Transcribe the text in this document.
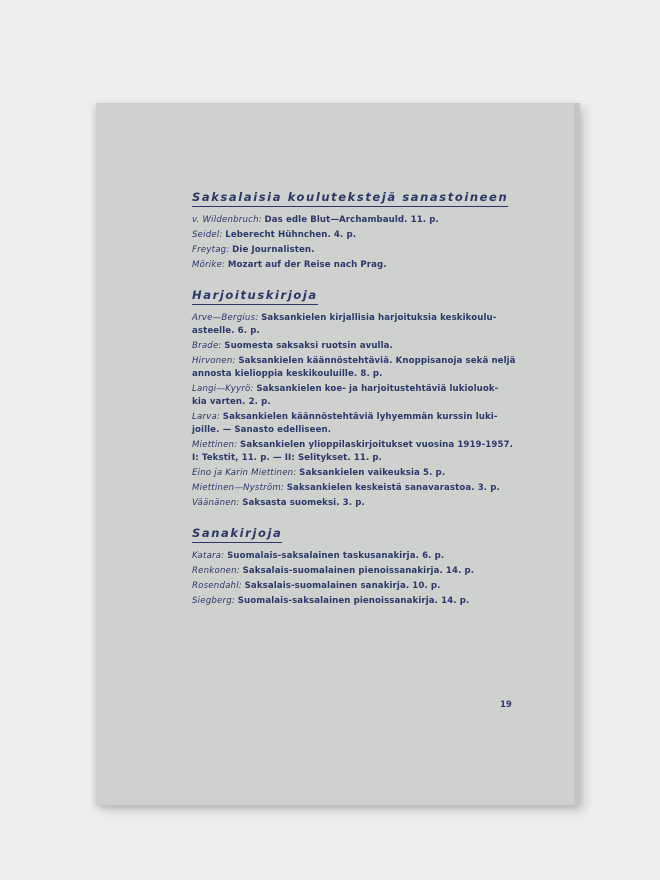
Saksalaisia koulutekstejä sanastoineen
v. Wildenbruch: Das edle Blut—Archambauld. 11. p.
Seidel: Leberecht Hühnchen. 4. p.
Freytag: Die Journalisten.
Mörike: Mozart auf der Reise nach Prag.
Harjoituskirjoja
Arve—Bergius: Saksankielen kirjallisia harjoituksia keskikoulu-
asteelle. 6. p.
Brade: Suomesta saksaksi ruotsin avulla.
Hirvonen: Saksankielen käännöstehtäviä. Knoppisanoja sekä neljä
annosta kielioppia keskikouluille. 8. p.
Langi—Kyyrö: Saksankielen koe- ja harjoitustehtäviä lukioluok-
kia varten. 2. p.
Larva: Saksankielen käännöstehtäviä lyhyemmän kurssin luki-
joille. — Sanasto edelliseen.
Miettinen: Saksankielen ylioppilaskirjoitukset vuosina 1919-1957.
I: Tekstit, 11. p. — II: Selitykset. 11. p.
Eino ja Karin Miettinen: Saksankielen vaikeuksia 5. p.
Miettinen—Nyström: Saksankielen keskeistä sanavarastoa. 3. p.
Väänänen: Saksasta suomeksi. 3. p.
Sanakirjoja
Katara: Suomalais-saksalainen taskusanakirja. 6. p.
Renkonen: Saksalais-suomalainen pienoissanakirja. 14. p.
Rosendahl: Saksalais-suomalainen sanakirja. 10. p.
Siegberg: Suomalais-saksalainen pienoissanakirja. 14. p.
19
